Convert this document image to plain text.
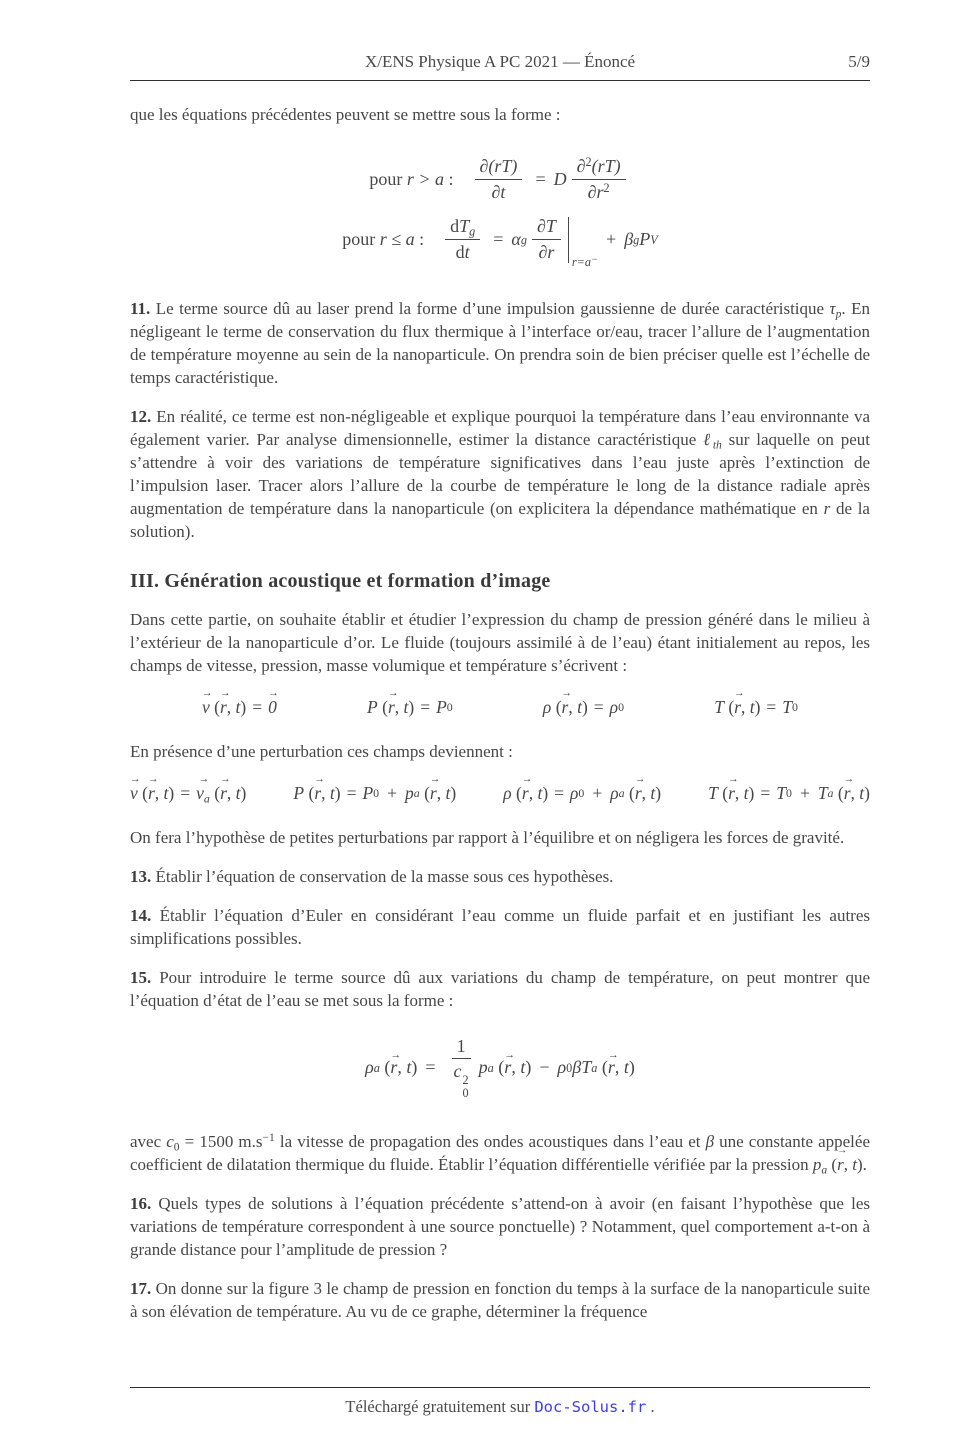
X/ENS Physique A PC 2021 — Énoncé	5/9

que les équations précédentes peuvent se mettre sous la forme :

pour r > a : $\frac{\partial(rT)}{\partial t} = D \frac{\partial^2(rT)}{\partial r^2}$
pour r ≤ a : $\frac{dT_g}{dt} = \alpha$ g $\frac{\partial T}{\partial r} r=a^-$
+ β g P V

11. Le terme source dû au laser prend la forme d’une impulsion gaussienne de durée caractéristique $\tau_p$. En négligeant le terme de conservation du flux thermique à l’interface or/eau, tracer l’allure de l’augmentation de température moyenne au sein de la nanoparticule. On prendra soin de bien préciser quelle est l’échelle de temps caractéristique.

12. En réalité, ce terme est non-négligeable et explique pourquoi la température dans l’eau environnante va également varier. Par analyse dimensionnelle, estimer la distance caractéristique ℓ$_{th}$ sur laquelle on peut s’attendre à voir des variations de température significatives dans l’eau juste après l’extinction de l’impulsion laser. Tracer alors l’allure de la courbe de température le long de la distance radiale après augmentation de température dans la nanoparticule (on explicitera la dépendance mathématique en r de la solution).

III. Génération acoustique et formation d’image

Dans cette partie, on souhaite établir et étudier l’expression du champ de pression généré dans le milieu à l’extérieur de la nanoparticule d’or. Le fluide (toujours assimilé à de l’eau) étant initialement au repos, les champs de vitesse, pression, masse volumique et température s’écrivent :

v →
(r →, t) = 0 →	P
(r →, t) = P 0	ρ
(r →, t) = ρ 0	T
(r →, t) = T 0

En présence d’une perturbation ces champs deviennent :

v →
(r →, $t) = v_a$ →
(r →, t)	P
(r →, t) = P 0 + p a
(r →, t)	ρ
(r →, t) = ρ 0 + ρ a
(r →, t)	T
(r →, t) = T 0 + T a
(r →, t)

On fera l’hypothèse de petites perturbations par rapport à l’équilibre et on négligera les forces de gravité.

13. Établir l’équation de conservation de la masse sous ces hypothèses.

14. Établir l’équation d’Euler en considérant l’eau comme un fluide parfait et en justifiant les autres simplifications possibles.

15. Pour introduire le terme source dû aux variations du champ de température, on peut montrer que l’équation d’état de l’eau se met sous la forme :

ρ a
(r →, t) = 1
c 2
0 p a
(r →, t) − ρ 0 β T a
(r →, t)

avec $c_0 = 1500$ $m.s^{-1}$ la vitesse de propagation des ondes acoustiques dans l’eau et β une constante appelée coefficient de dilatation thermique du fluide. Établir l’équation différentielle vérifiée par la pression $p_a$ (r →, t).

16. Quels types de solutions à l’équation précédente s’attend-on à avoir (en faisant l’hypothèse que les variations de température correspondent à une source ponctuelle) ? Notamment, quel comportement a-t-on à grande distance pour l’amplitude de pression ?

17. On donne sur la figure 3 le champ de pression en fonction du temps à la surface de la nanoparticule suite à son élévation de température. Au vu de ce graphe, déterminer la fréquence

Téléchargé gratuitement sur Doc-Solus.fr .
